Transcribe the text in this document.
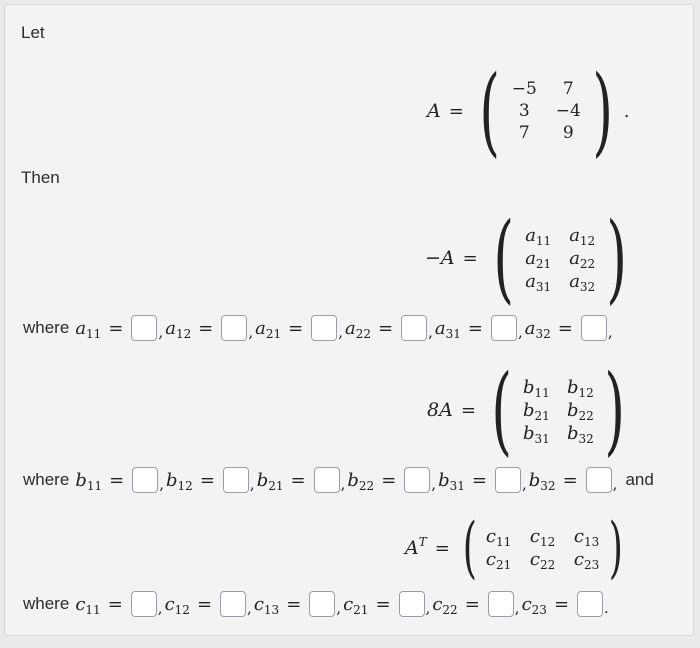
Let
A = ( −5	7
3	−4
7	9 ) .
Then
−A = ( $a_{11}$ $a_{12}$
$a_{21}$ $a_{22}$
$a_{31}$ $a_{32}$ )
where $a_{11}$ = , $a_{12}$ = , $a_{21}$ = , $a_{22}$ = , $a_{31}$ = , $a_{32}$ = ,
8A = ( $b_{11}$ $b_{12}$
$b_{21}$ $b_{22}$
$b_{31}$ $b_{32}$ )
where $b_{11}$ = , $b_{12}$ = , $b_{21}$ = , $b_{22}$ = , $b_{31}$ = , $b_{32}$ = , and
$A^T$ = ( $c_{11}$ $c_{12}$ $c_{13}$
$c_{21}$ $c_{22}$ $c_{23}$ )
where $c_{11}$ = , $c_{12}$ = , $c_{13}$ = , $c_{21}$ = , $c_{22}$ = , $c_{23}$ = .
